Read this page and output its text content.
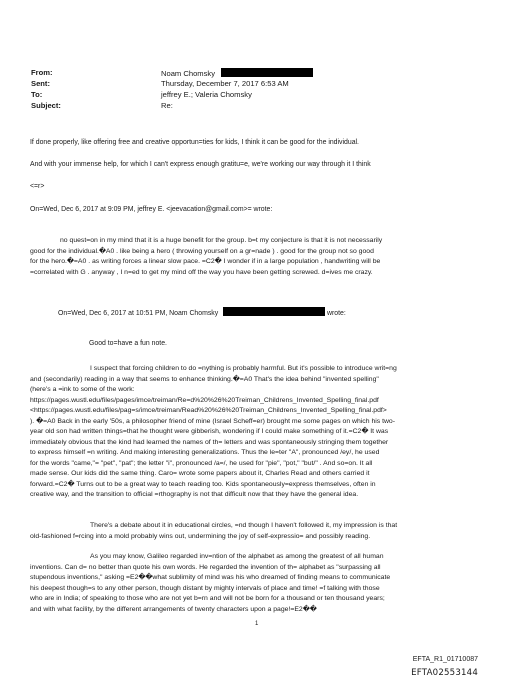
From:	Noam Chomsky
Sent:	Thursday, December 7, 2017 6:53 AM
To:	jeffrey E.; Valeria Chomsky
Subject:	Re:
If done properly, like offering free and creative opportun=ties for kids, I think it can be good for the individual.
And with your immense help, for which I can't express enough gratitu=e, we're working our way through it I think
<=r>
On=Wed, Dec 6, 2017 at 9:09 PM, jeffrey E. <jeevacation@gmail.com>= wrote:
no quest=on in my mind that it is a huge benefit for the group. b=t my conjecture is that it is not necessarily
good for the individual.�A0 . like being a hero ( throwing yourself on a gr=nade ) . good for the group not so good
for the hero.�=A0 . as writing forces a linear slow pace. =C2� I wonder if in a large population , handwriting will be
=correlated with G . anyway , I n=ed to get my mind off the way you have been getting screwed. d=ives me crazy.
On=Wed, Dec 6, 2017 at 10:51 PM, Noam Chomsky	wrote:
Good to=have a fun note.
I suspect that forcing children to do =nything is probably harmful. But it's possible to introduce writ=ng
and (secondarily) reading in a way that seems to enhance thinking.�=A0 That's the idea behind "invented spelling"
(here's a =ink to some of the work:
https://pages.wustl.edu/files/pages/imce/treiman/Re=d%20%26%20Treiman_Childrens_Invented_Spelling_final.pdf
<https://pages.wustl.edu/files/pag=s/imce/treiman/Read%20%26%20Treiman_Childrens_Invented_Spelling_final.pdf>
). �=A0 Back in the early '50s, a philosopher friend of mine (Israel Scheff=er) brought me some pages on which his two-
year old son had written things=that he thought were gibberish, wondering if I could make something of it.=C2� It was
immediately obvious that the kind had learned the names of th= letters and was spontaneously stringing them together
to express himself =n writing. And making interesting generalizations. Thus the le=ter "A", pronounced /ey/, he used
for the words "came,"= "pet", "pat"; the letter "i", pronounced /a=/, he used for "pie", "pot," "but/" . And so=on. It all
made sense. Our kids did the same thing. Caro= wrote some papers about it, Charles Read and others carried it
forward.=C2� Turns out to be a great way to teach reading too. Kids spontaneously=express themselves, often in
creative way, and the transition to official =rthography is not that difficult now that they have the general idea.
There's a debate about it in educational circles, =nd though I haven't followed it, my impression is that
old-fashioned f=rcing into a mold probably wins out, undermining the joy of self-expressio= and possibly reading.
As you may know, Galileo regarded inv=ntion of the alphabet as among the greatest of all human
inventions. Can d= no better than quote his own words. He regarded the invention of th= alphabet as "surpassing all
stupendous inventions," asking =E2��what sublimity of mind was his who dreamed of finding means to communicate
his deepest though=s to any other person, though distant by mighty intervals of place and time! =f talking with those
who are in India; of speaking to those who are not yet b=rn and will not be born for a thousand or ten thousand years;
and with what facility, by the different arrangements of twenty characters upon a page!=E2��
1
EFTA_R1_01710087
EFTA02553144
